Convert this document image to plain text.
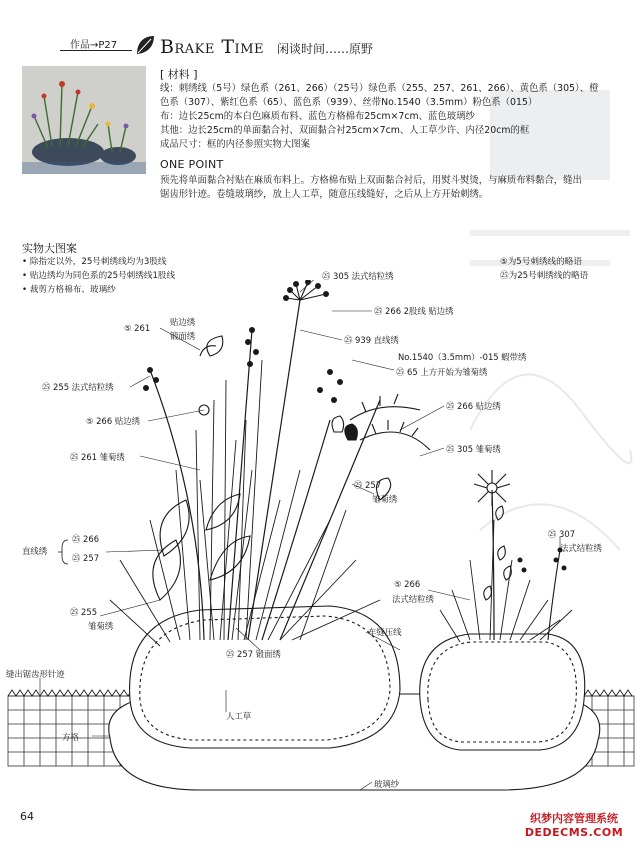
作品→P27 Brake Time 闲谈时间……原野
[ 材料 ]
线：刺绣线（5号）绿色系（261、266）（25号）绿色系（255、257、261、266）、黄色系（305）、橙
色系（307）、紫红色系（65）、蓝色系（939）、丝带No.1540（3.5mm）粉色系（015）
布：边长25cm的本白色麻质布料、蓝色方格棉布25cm×7cm、蓝色玻璃纱
其他：边长25cm的单面黏合衬、双面黏合衬25cm×7cm、人工草少许、内径20cm的框
成品尺寸：框的内径参照实物大图案
ONE POINT
预先将单面黏合衬贴在麻质布料上。方格棉布贴上双面黏合衬后，用熨斗熨烫，与麻质布料黏合，缝出
锯齿形针迹。卷缝玻璃纱，放上人工草，随意压线缝好，之后从上方开始刺绣。
实物大图案
• 除指定以外，25号刺绣线均为3股线
• 贴边绣均为同色系的25号刺绣线1股线
• 裁剪方格棉布、玻璃纱
⑤为5号刺绣线的略语
㉕为25号刺绣线的略语
㉕ 305 法式结粒绣
㉕ 266 2股线 贴边绣
⑤ 261
贴边绣
锻面绣	㉕ 939 直线绣
No.1540（3.5mm）-015 蝦带绣
㉕ 65 上方开始为雏菊绣
㉕ 255 法式结粒绣
⑤ 266 贴边绣
㉕ 266 贴边绣
㉕ 261 雏菊绣
㉕ 305 雏菊绣
㉕ 257
雏菊绣
直线绣
㉕ 266
㉕ 257
㉕ 307
法式结粒绣
⑤ 266
法式结粒绣
㉕ 255
雏菊绣
车缝压线
㉕ 257 锻面绣
缝出锯齿形针迹
人工草
方格
玻璃纱
64	织梦内容管理系统
DEDECMS.COM
